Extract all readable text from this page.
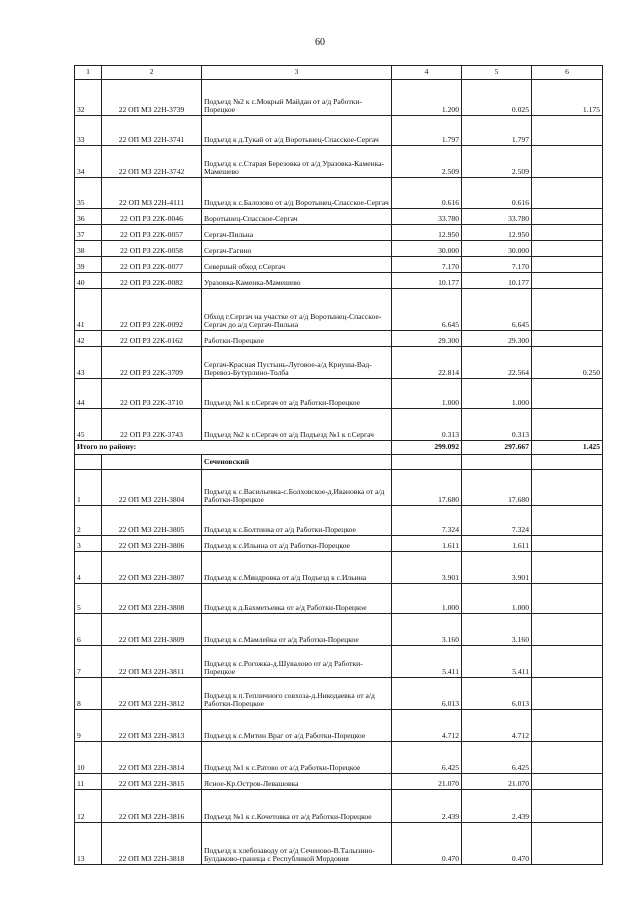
60
1	2	3	4	5	6
32	22 ОП МЗ 22Н-3739	Подъезд №2 к с.Мокрый Майдан от а/д Работки-Порецкое	1.200	0.025	1.175
33	22 ОП МЗ 22Н-3741	Подъезд к д.Тукай от а/д Воротынец-Спасское-Сергач	1.797	1.797	
34	22 ОП МЗ 22Н-3742	Подъезд к с.Старая Березовка от а/д Уразовка-Каменка-Мамешево	2.509	2.509	
35	22 ОП МЗ 22Н-4111	Подъезд к с.Балозово от а/д Воротынец-Спасское-Сергач	0.616	0.616	
36	22 ОП РЗ 22К-0046	Воротынец-Спасское-Сергач	33.780	33.780	
37	22 ОП РЗ 22К-0057	Сергач-Пильна	12.950	12.950	
38	22 ОП РЗ 22К-0058	Сергач-Гагино	30.000	30.000	
39	22 ОП РЗ 22К-0077	Северный обход г.Сергач	7.170	7.170	
40	22 ОП РЗ 22К-0082	Уразовка-Каменка-Мамешево	10.177	10.177	
41	22 ОП РЗ 22К-0092	Обход г.Сергач на участке от а/д Воротынец-Спасское-Сергач до а/д Сергач-Пильна	6.645	6.645	
42	22 ОП РЗ 22К-0162	Работки-Порецкое	29.300	29.300	
43	22 ОП РЗ 22К-3709	Сергач-Красная Пустынь-Луговое-а/д Криуша-Вад-Перевоз-Бутурлино-Толба	22.814	22.564	0.250
44	22 ОП РЗ 22К-3710	Подъезд №1 к г.Сергач от а/д Работки-Порецкое	1.000	1.000	
45	22 ОП РЗ 22К-3743	Подъезд №2 к г.Сергач от а/д Подъезд №1 к г.Сергач	0.313	0.313	
Итого по району:			299.092	297.667	1.425
		Сеченовский			
1	22 ОП МЗ 22Н-3804	Подъезд к с.Васильевка-с.Болховское-д.Ивановка от а/д Работки-Порецкое	17.680	17.680	
2	22 ОП МЗ 22Н-3805	Подъезд к с.Болтинка от а/д Работки-Порецкое	7.324	7.324	
3	22 ОП МЗ 22Н-3806	Подъезд к с.Ильина от а/д Работки-Порецкое	1.611	1.611	
4	22 ОП МЗ 22Н-3807	Подъезд к с.Мяндровка от а/д Подъезд к с.Ильина	3.901	3.901	
5	22 ОП МЗ 22Н-3808	Подъезд к д.Бахметьевка от а/д Работки-Порецкое	1.000	1.000	
6	22 ОП МЗ 22Н-3809	Подъезд к с.Мамлейка от а/д Работки-Порецкое	3.160	3.160	
7	22 ОП МЗ 22Н-3811	Подъезд к с.Рогожка-д.Шувалово от а/д Работки-Порецкое	5.411	5.411	
8	22 ОП МЗ 22Н-3812	Подъезд к п.Тепличного совхоза-д.Никодаевка от а/д Работки-Порецкое	6.013	6.013	
9	22 ОП МЗ 22Н-3813	Подъезд к с.Митин Враг от а/д Работки-Порецкое	4.712	4.712	
10	22 ОП МЗ 22Н-3814	Подъезд №1 к с.Ратово от а/д Работки-Порецкое	6.425	6.425	
11	22 ОП МЗ 22Н-3815	Ясное-Кр.Остров-Левашовка	21.070	21.070	
12	22 ОП МЗ 22Н-3816	Подъезд №1 к с.Кочетовка от а/д Работки-Порецкое	2.439	2.439	
13	22 ОП МЗ 22Н-3818	Подъезд к хлебозаводу от а/д Сеченово-В.Талызино-Булдаково-граница с Республикой Мордовия	0.470	0.470	
